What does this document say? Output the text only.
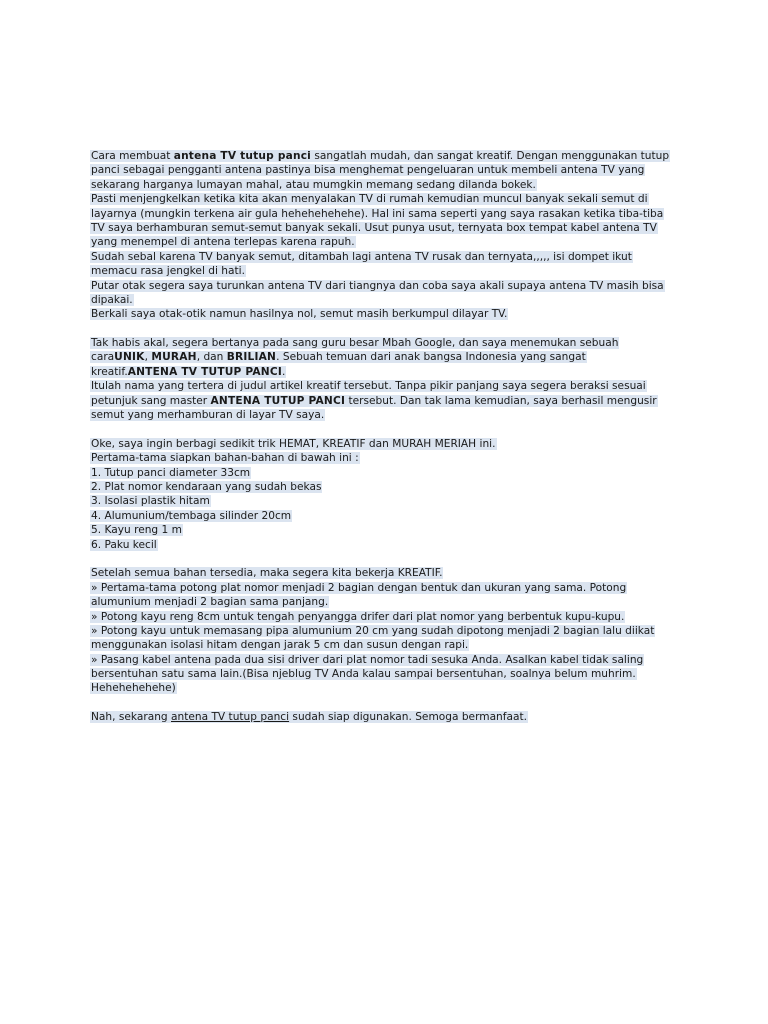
Cara membuat antena TV tutup panci sangatlah mudah, dan sangat kreatif. Dengan menggunakan tutup
panci sebagai pengganti antena pastinya bisa menghemat pengeluaran untuk membeli antena TV yang
sekarang harganya lumayan mahal, atau mumgkin memang sedang dilanda bokek.
Pasti menjengkelkan ketika kita akan menyalakan TV di rumah kemudian muncul banyak sekali semut di
layarnya (mungkin terkena air gula hehehehehehe). Hal ini sama seperti yang saya rasakan ketika tiba-tiba
TV saya berhamburan semut-semut banyak sekali. Usut punya usut, ternyata box tempat kabel antena TV
yang menempel di antena terlepas karena rapuh.
Sudah sebal karena TV banyak semut, ditambah lagi antena TV rusak dan ternyata,,,,, isi dompet ikut
memacu rasa jengkel di hati.
Putar otak segera saya turunkan antena TV dari tiangnya dan coba saya akali supaya antena TV masih bisa
dipakai.
Berkali saya otak-otik namun hasilnya nol, semut masih berkumpul dilayar TV.
Tak habis akal, segera bertanya pada sang guru besar Mbah Google, dan saya menemukan sebuah
caraUNIK, MURAH, dan BRILIAN. Sebuah temuan dari anak bangsa Indonesia yang sangat
kreatif.ANTENA TV TUTUP PANCI.
Itulah nama yang tertera di judul artikel kreatif tersebut. Tanpa pikir panjang saya segera beraksi sesuai
petunjuk sang master ANTENA TUTUP PANCI tersebut. Dan tak lama kemudian, saya berhasil mengusir
semut yang merhamburan di layar TV saya.
Oke, saya ingin berbagi sedikit trik HEMAT, KREATIF dan MURAH MERIAH ini.
Pertama-tama siapkan bahan-bahan di bawah ini :
1. Tutup panci diameter 33cm
2. Plat nomor kendaraan yang sudah bekas
3. Isolasi plastik hitam
4. Alumunium/tembaga silinder 20cm
5. Kayu reng 1 m
6. Paku kecil
Setelah semua bahan tersedia, maka segera kita bekerja KREATIF.
» Pertama-tama potong plat nomor menjadi 2 bagian dengan bentuk dan ukuran yang sama. Potong
alumunium menjadi 2 bagian sama panjang.
» Potong kayu reng 8cm untuk tengah penyangga drifer dari plat nomor yang berbentuk kupu-kupu.
» Potong kayu untuk memasang pipa alumunium 20 cm yang sudah dipotong menjadi 2 bagian lalu diikat
menggunakan isolasi hitam dengan jarak 5 cm dan susun dengan rapi.
» Pasang kabel antena pada dua sisi driver dari plat nomor tadi sesuka Anda. Asalkan kabel tidak saling
bersentuhan satu sama lain.(Bisa njeblug TV Anda kalau sampai bersentuhan, soalnya belum muhrim.
Hehehehehehe)
Nah, sekarang antena TV tutup panci sudah siap digunakan. Semoga bermanfaat.
